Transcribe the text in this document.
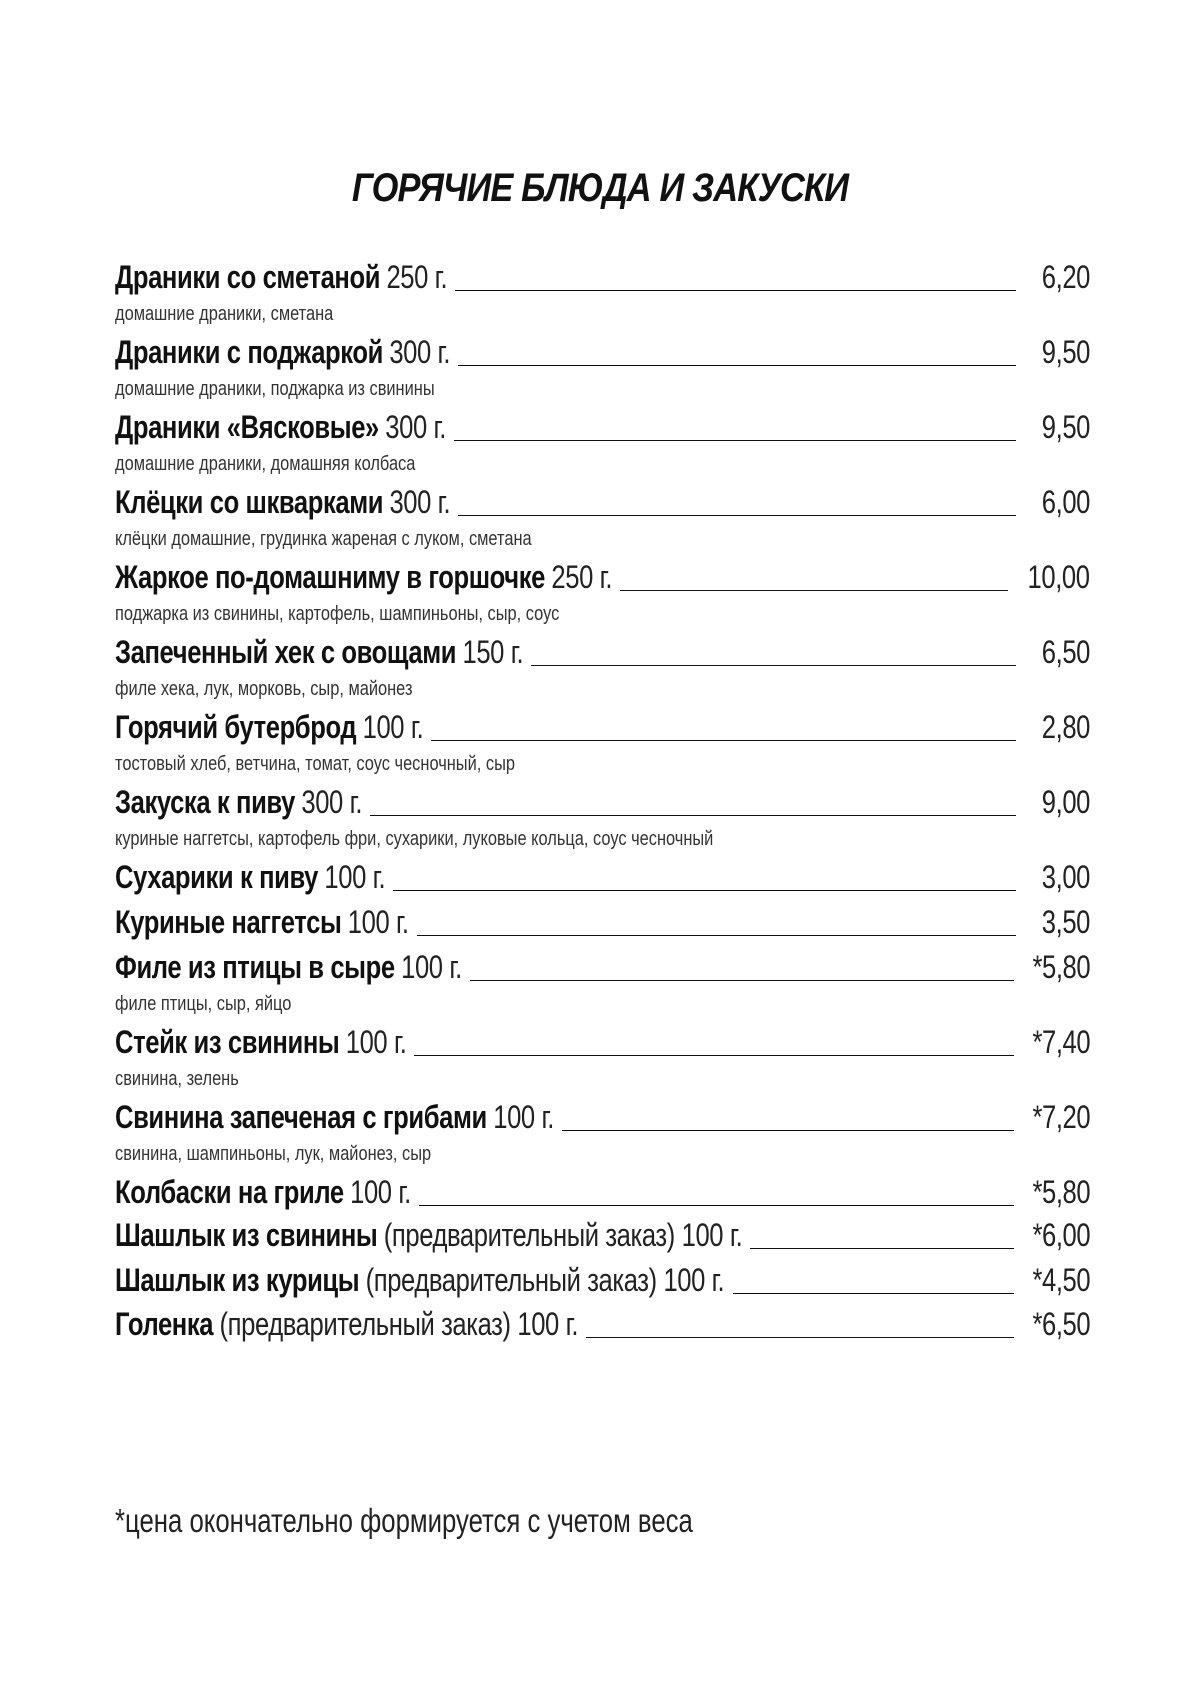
ГОРЯЧИЕ БЛЮДА И ЗАКУСКИ
Драники со сметаной 250 г.	6,20
домашние драники, сметана
Драники с поджаркой 300 г.	9,50
домашние драники, поджарка из свинины
Драники «Вясковые» 300 г.	9,50
домашние драники, домашняя колбаса
Клёцки со шкварками 300 г.	6,00
клёцки домашние, грудинка жареная с луком, сметана
Жаркое по-домашниму в горшочке 250 г.	10,00
поджарка из свинины, картофель, шампиньоны, сыр, соус
Запеченный хек с овощами 150 г.	6,50
филе хека, лук, морковь, сыр, майонез
Горячий бутерброд 100 г.	2,80
тостовый хлеб, ветчина, томат, соус чесночный, сыр
Закуска к пиву 300 г.	9,00
куриные наггетсы, картофель фри, сухарики, луковые кольца, соус чесночный
Сухарики к пиву 100 г.	3,00
Куриные наггетсы 100 г.	3,50
Филе из птицы в сыре 100 г.	*5,80
филе птицы, сыр, яйцо
Стейк из свинины 100 г.	*7,40
свинина, зелень
Свинина запеченая с грибами 100 г.	*7,20
свинина, шампиньоны, лук, майонез, сыр
Колбаски на гриле 100 г.	*5,80
Шашлык из свинины (предварительный заказ) 100 г.	*6,00
Шашлык из курицы (предварительный заказ) 100 г.	*4,50
Голенка (предварительный заказ) 100 г.	*6,50
*цена окончательно формируется с учетом веса
